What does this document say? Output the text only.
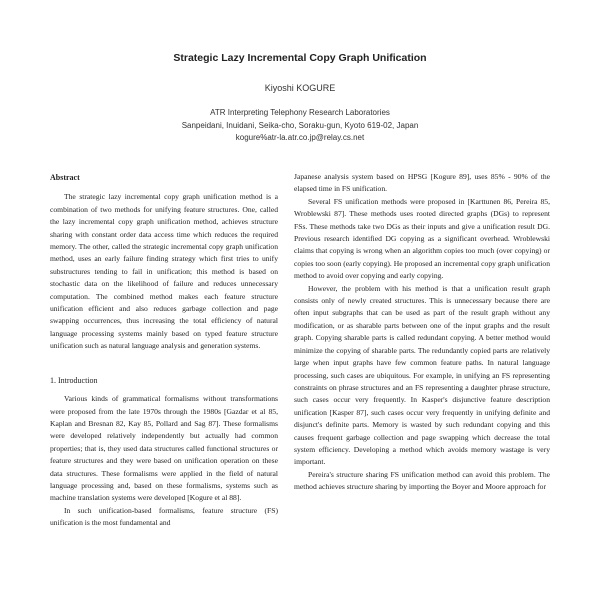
Strategic Lazy Incremental Copy Graph Unification
Kiyoshi KOGURE
ATR Interpreting Telephony Research Laboratories
Sanpeidani, Inuidani, Seika-cho, Soraku-gun, Kyoto 619-02, Japan
kogure%atr-la.atr.co.jp@relay.cs.net
Abstract

The strategic lazy incremental copy graph unification method is a combination of two methods for unifying feature structures. One, called the lazy incremental copy graph unification method, achieves structure sharing with constant order data access time which reduces the required memory. The other, called the strategic incremental copy graph unification method, uses an early failure finding strategy which first tries to unify substructures tending to fail in unification; this method is based on stochastic data on the likelihood of failure and reduces unnecessary computation. The combined method makes each feature structure unification efficient and also reduces garbage collection and page swapping occurrences, thus increasing the total efficiency of natural language processing systems mainly based on typed feature structure unification such as natural language analysis and generation systems.

1. Introduction

Various kinds of grammatical formalisms without transformations were proposed from the late 1970s through the 1980s [Gazdar et al 85, Kaplan and Bresnan 82, Kay 85, Pollard and Sag 87]. These formalisms were developed relatively independently but actually had common properties; that is, they used data structures called functional structures or feature structures and they were based on unification operation on these data structures. These formalisms were applied in the field of natural language processing and, based on these formalisms, systems such as machine translation systems were developed [Kogure et al 88].

In such unification-based formalisms, feature structure (FS) unification is the most fundamental and

Japanese analysis system based on HPSG [Kogure 89], uses 85% - 90% of the elapsed time in FS unification.

Several FS unification methods were proposed in [Karttunen 86, Pereira 85, Wroblewski 87]. These methods uses rooted directed graphs (DGs) to represent FSs. These methods take two DGs as their inputs and give a unification result DG. Previous research identified DG copying as a significant overhead. Wroblewski claims that copying is wrong when an algorithm copies too much (over copying) or copies too soon (early copying). He proposed an incremental copy graph unification method to avoid over copying and early copying.

However, the problem with his method is that a unification result graph consists only of newly created structures. This is unnecessary because there are often input subgraphs that can be used as part of the result graph without any modification, or as sharable parts between one of the input graphs and the result graph. Copying sharable parts is called redundant copying. A better method would minimize the copying of sharable parts. The redundantly copied parts are relatively large when input graphs have few common feature paths. In natural language processing, such cases are ubiquitous. For example, in unifying an FS representing constraints on phrase structures and an FS representing a daughter phrase structure, such cases occur very frequently. In Kasper's disjunctive feature description unification [Kasper 87], such cases occur very frequently in unifying definite and disjunct's definite parts. Memory is wasted by such redundant copying and this causes frequent garbage collection and page swapping which decrease the total system efficiency. Developing a method which avoids memory wastage is very important.

Pereira's structure sharing FS unification method can avoid this problem. The method achieves structure sharing by importing the Boyer and Moore approach for
